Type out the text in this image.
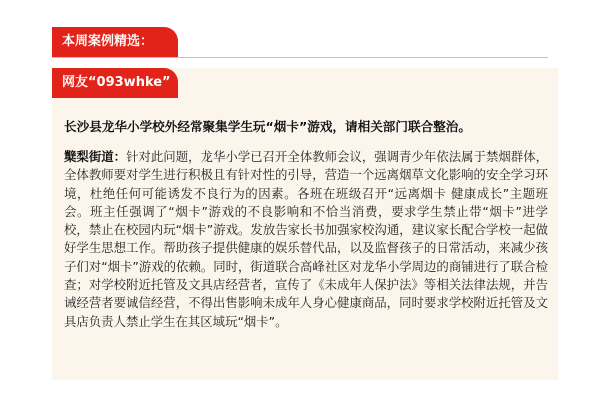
本周案例精选：
网友“093whke”
长沙县龙华小学校外经常聚集学生玩“烟卡”游戏，请相关部门联合整治。

櫱梨街道：针对此问题，龙华小学已召开全体教师会议，强调青少年依法属于禁烟群体，全体教师要对学生进行积极且有针对性的引导，营造一个远离烟草文化影响的安全学习环境，杜绝任何可能诱发不良行为的因素。各班在班级召开“远离烟卡 健康成长”主题班会。班主任强调了“烟卡”游戏的不良影响和不恰当消费，要求学生禁止带“烟卡”进学校，禁止在校园内玩“烟卡”游戏。发放告家长书加强家校沟通，建议家长配合学校一起做好学生思想工作。帮助孩子提供健康的娱乐替代品，以及监督孩子的日常活动，来减少孩子们对“烟卡”游戏的依赖。同时，街道联合高峰社区对龙华小学周边的商铺进行了联合检查；对学校附近托管及文具店经营者，宣传了《未成年人保护法》等相关法律法规，并告诫经营者要诚信经营，不得出售影响未成年人身心健康商品，同时要求学校附近托管及文具店负责人禁止学生在其区域玩“烟卡”。
